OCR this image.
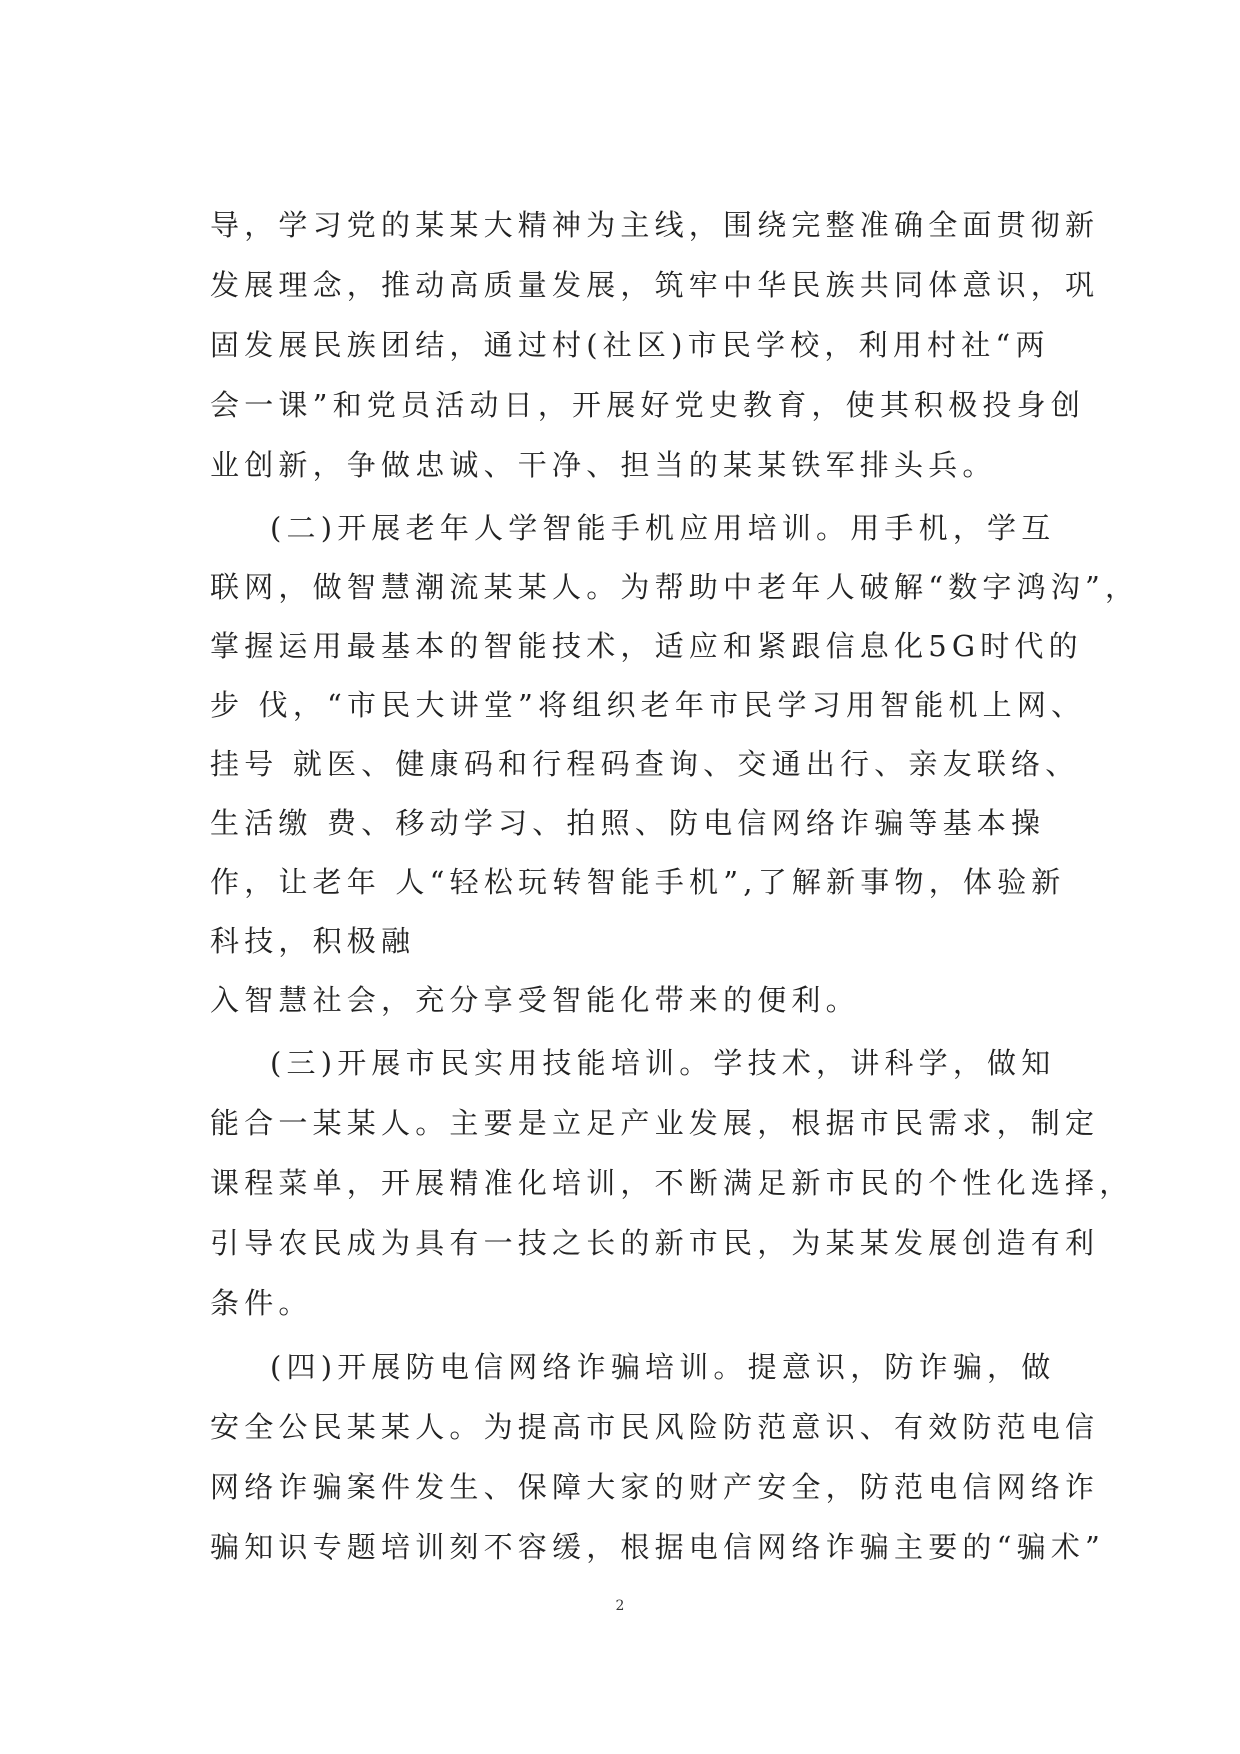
导，学习党的某某大精神为主线，围绕完整准确全面贯彻新
发展理念，推动高质量发展，筑牢中华民族共同体意识，巩
固发展民族团结，通过村(社区)市民学校，利用村社“两
会一课”和党员活动日，开展好党史教育，使其积极投身创
业创新，争做忠诚、干净、担当的某某铁军排头兵。
(二)开展老年人学智能手机应用培训。用手机，学互
联网，做智慧潮流某某人。为帮助中老年人破解“数字鸿沟”，
掌握运用最基本的智能技术，适应和紧跟信息化5G时代的
步 伐，“市民大讲堂”将组织老年市民学习用智能机上网、
挂号 就医、健康码和行程码查询、交通出行、亲友联络、
生活缴 费、移动学习、拍照、防电信网络诈骗等基本操
作，让老年 人“轻松玩转智能手机”,了解新事物，体验新
科技，积极融
入智慧社会，充分享受智能化带来的便利。
(三)开展市民实用技能培训。学技术，讲科学，做知
能合一某某人。主要是立足产业发展，根据市民需求，制定
课程菜单，开展精准化培训，不断满足新市民的个性化选择，
引导农民成为具有一技之长的新市民，为某某发展创造有利
条件。
(四)开展防电信网络诈骗培训。提意识，防诈骗，做
安全公民某某人。为提高市民风险防范意识、有效防范电信
网络诈骗案件发生、保障大家的财产安全，防范电信网络诈
骗知识专题培训刻不容缓，根据电信网络诈骗主要的“骗术”
2
